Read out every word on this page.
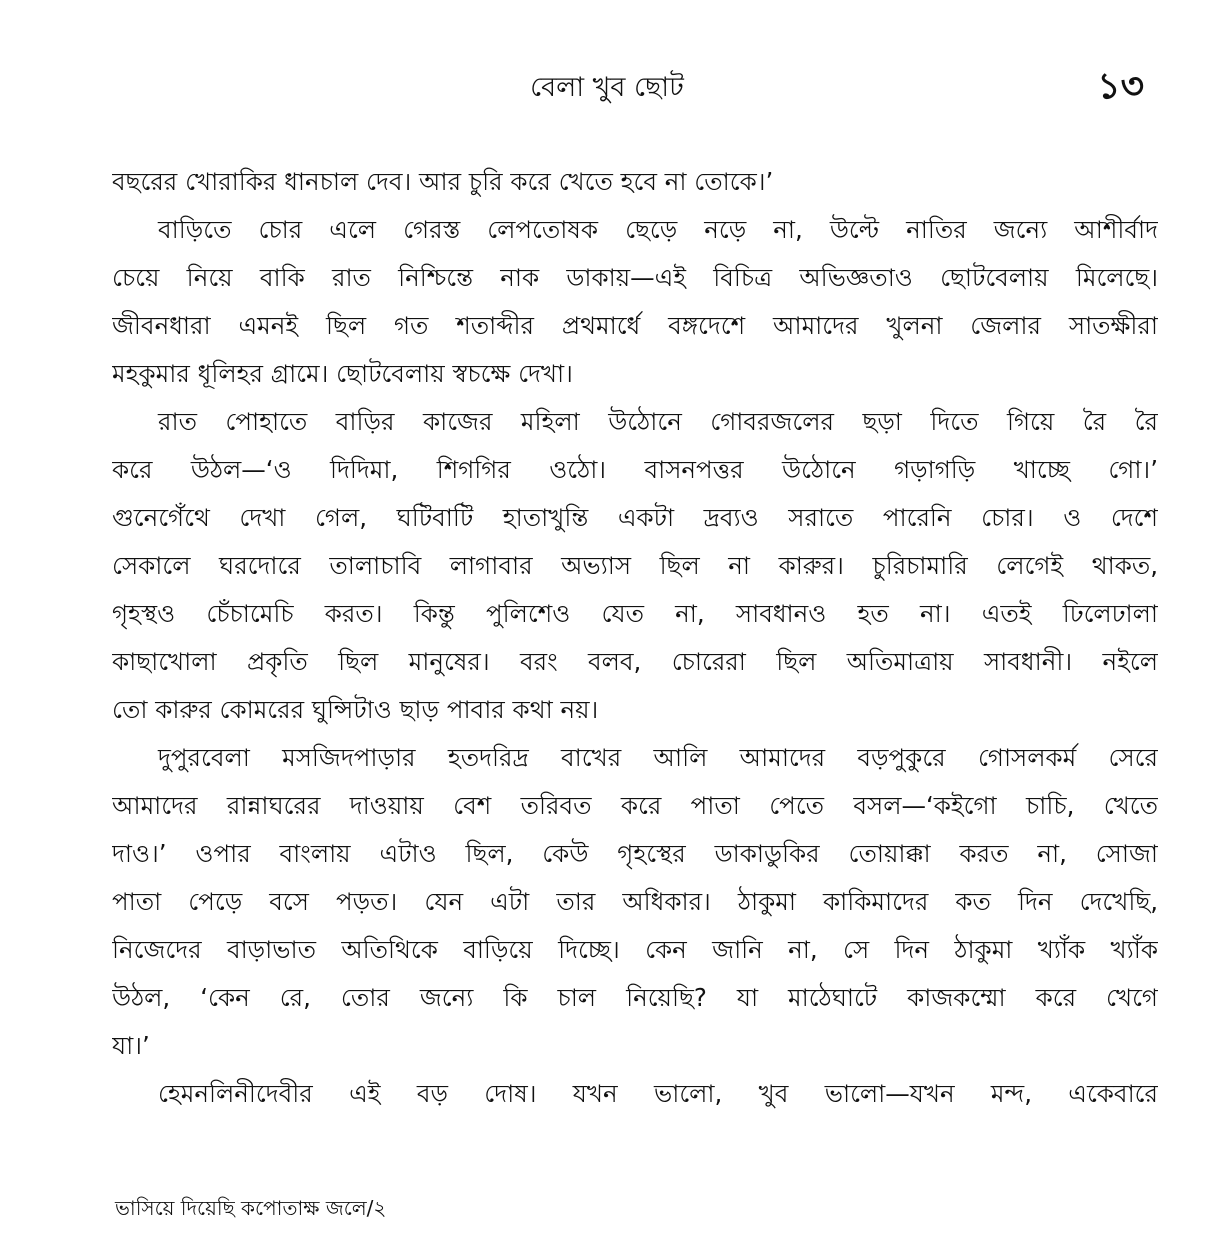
বেলা খুব ছোট	১৩
বছরের খোরাকির ধানচাল দেব। আর চুরি করে খেতে হবে না তোকে।’
বাড়িতে চোর এলে গেরস্ত লেপতোষক ছেড়ে নড়ে না, উল্টে নাতির জন্যে আশীর্বাদ
চেয়ে নিয়ে বাকি রাত নিশ্চিন্তে নাক ডাকায়—এই বিচিত্র অভিজ্ঞতাও ছোটবেলায় মিলেছে।
জীবনধারা এমনই ছিল গত শতাব্দীর প্রথমার্ধে বঙ্গদেশে আমাদের খুলনা জেলার সাতক্ষীরা
মহকুমার ধূলিহর গ্রামে। ছোটবেলায় স্বচক্ষে দেখা।
রাত পোহাতে বাড়ির কাজের মহিলা উঠোনে গোবরজলের ছড়া দিতে গিয়ে রৈ রৈ
করে উঠল—‘ও দিদিমা, শিগগির ওঠো। বাসনপত্তর উঠোনে গড়াগড়ি খাচ্ছে গো।’
গুনেগেঁথে দেখা গেল, ঘটিবাটি হাতাখুন্তি একটা দ্রব্যও সরাতে পারেনি চোর। ও দেশে
সেকালে ঘরদোরে তালাচাবি লাগাবার অভ্যাস ছিল না কারুর। চুরিচামারি লেগেই থাকত,
গৃহস্থও চেঁচামেচি করত। কিন্তু পুলিশেও যেত না, সাবধানও হত না। এতই ঢিলেঢালা
কাছাখোলা প্রকৃতি ছিল মানুষের। বরং বলব, চোরেরা ছিল অতিমাত্রায় সাবধানী। নইলে
তো কারুর কোমরের ঘুন্সিটাও ছাড় পাবার কথা নয়।
দুপুরবেলা মসজিদপাড়ার হতদরিদ্র বাখের আলি আমাদের বড়পুকুরে গোসলকর্ম সেরে
আমাদের রান্নাঘরের দাওয়ায় বেশ তরিবত করে পাতা পেতে বসল—‘কইগো চাচি, খেতে
দাও।’ ওপার বাংলায় এটাও ছিল, কেউ গৃহস্থের ডাকাডুকির তোয়াক্কা করত না, সোজা
পাতা পেড়ে বসে পড়ত। যেন এটা তার অধিকার। ঠাকুমা কাকিমাদের কত দিন দেখেছি,
নিজেদের বাড়াভাত অতিথিকে বাড়িয়ে দিচ্ছে। কেন জানি না, সে দিন ঠাকুমা খ্যাঁক খ্যাঁক
উঠল, ‘কেন রে, তোর জন্যে কি চাল নিয়েছি? যা মাঠেঘাটে কাজকম্মো করে খেগে
যা।’
হেমনলিনীদেবীর এই বড় দোষ। যখন ভালো, খুব ভালো—যখন মন্দ, একেবারে
ভাসিয়ে দিয়েছি কপোতাক্ষ জলে/২
